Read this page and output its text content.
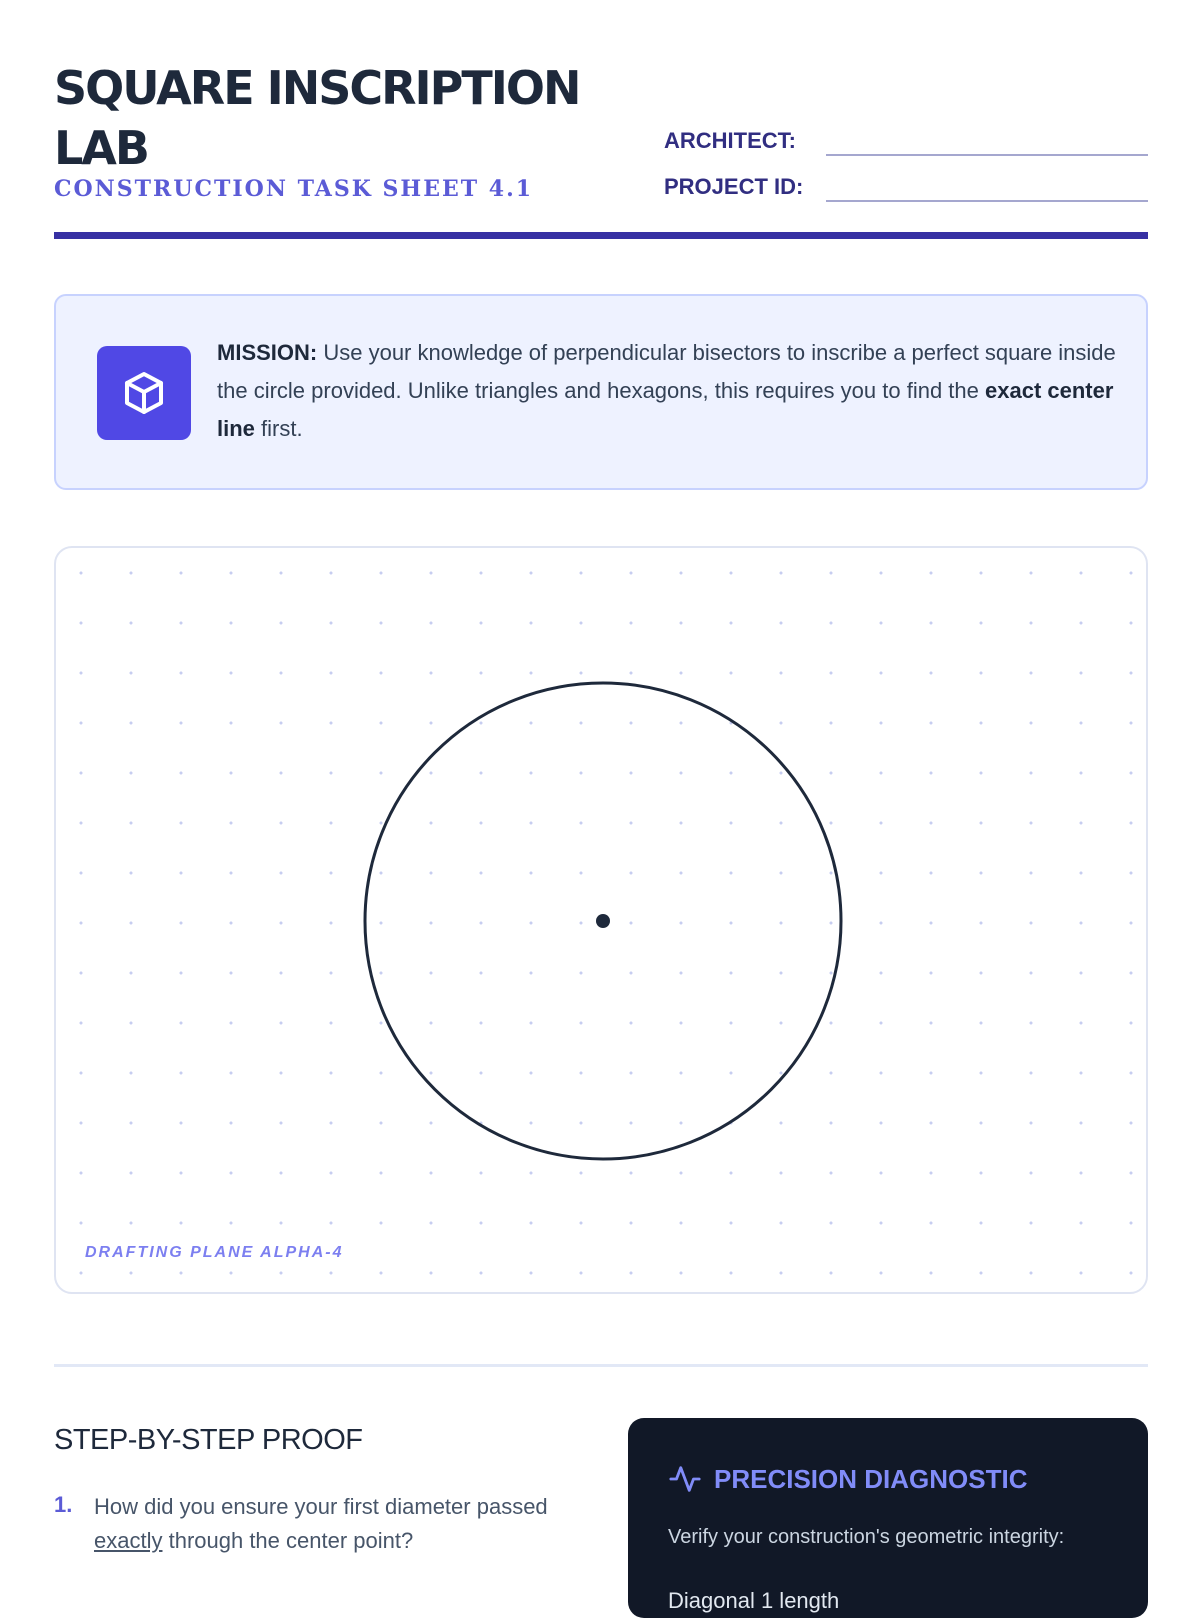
SQUARE INSCRIPTION LAB
CONSTRUCTION TASK SHEET 4.1
ARCHITECT:
PROJECT ID:

MISSION: Use your knowledge of perpendicular bisectors to inscribe a perfect square inside the circle provided. Unlike triangles and hexagons, this requires you to find the exact center line first.

DRAFTING PLANE ALPHA-4
STEP-BY-STEP PROOF
1. How did you ensure your first diameter passed exactly through the center point?

PRECISION DIAGNOSTIC
Verify your construction's geometric integrity:
Diagonal 1 length
